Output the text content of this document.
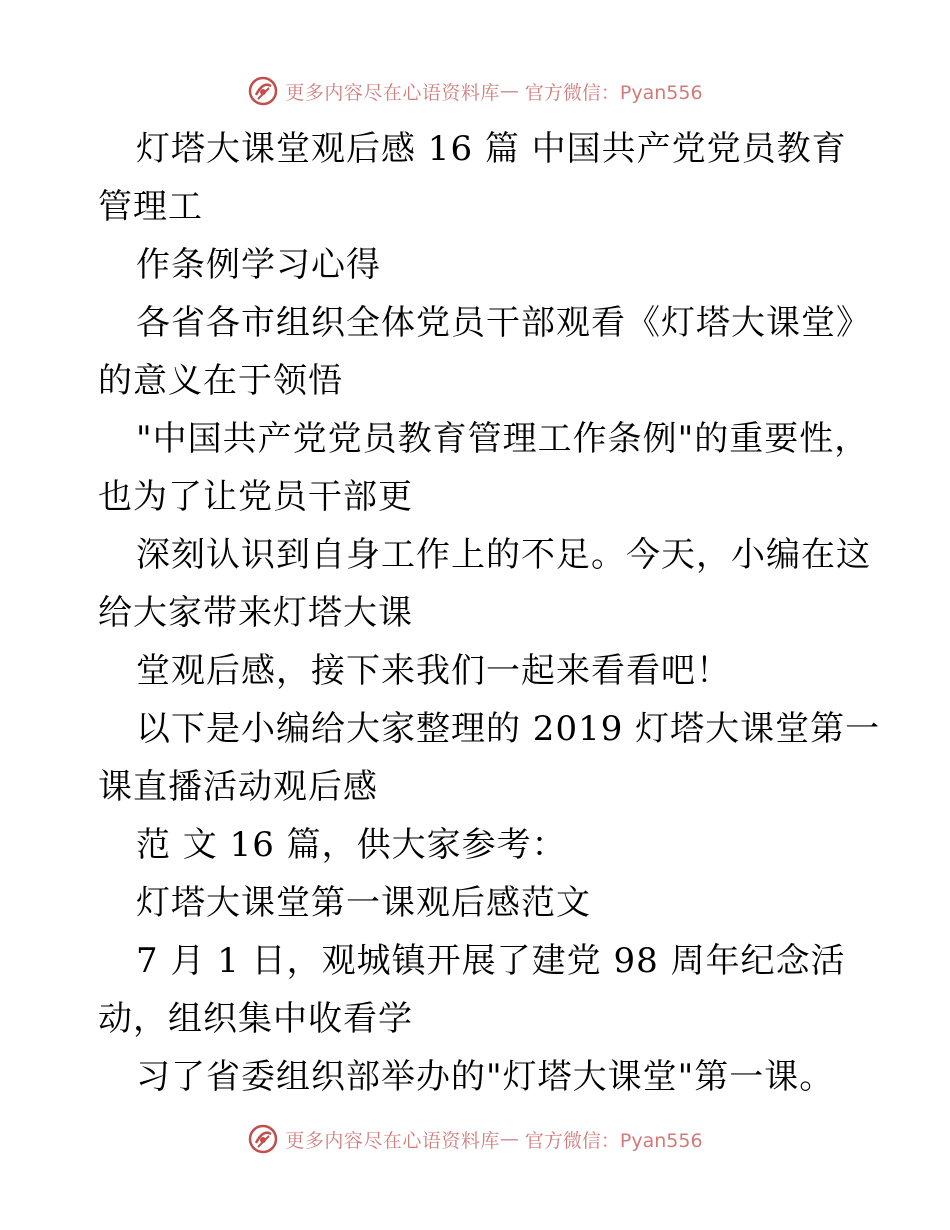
更多内容尽在心语资料库 — 官方微信：Pyan556
灯塔大课堂观后感 16 篇 中国共产党党员教育
管理工
作条例学习心得
各省各市组织全体党员干部观看《灯塔大课堂》
的意义在于领悟
"中国共产党党员教育管理工作条例"的重要性，
也为了让党员干部更
深刻认识到自身工作上的不足。今天，小编在这
给大家带来灯塔大课
堂观后感，接下来我们一起来看看吧！
以下是小编给大家整理的 2019 灯塔大课堂第一
课直播活动观后感
范 文 16 篇，供大家参考：
灯塔大课堂第一课观后感范文
7 月 1 日，观城镇开展了建党 98 周年纪念活
动，组织集中收看学
习了省委组织部举办的"灯塔大课堂"第一课。
更多内容尽在心语资料库 — 官方微信：Pyan556
